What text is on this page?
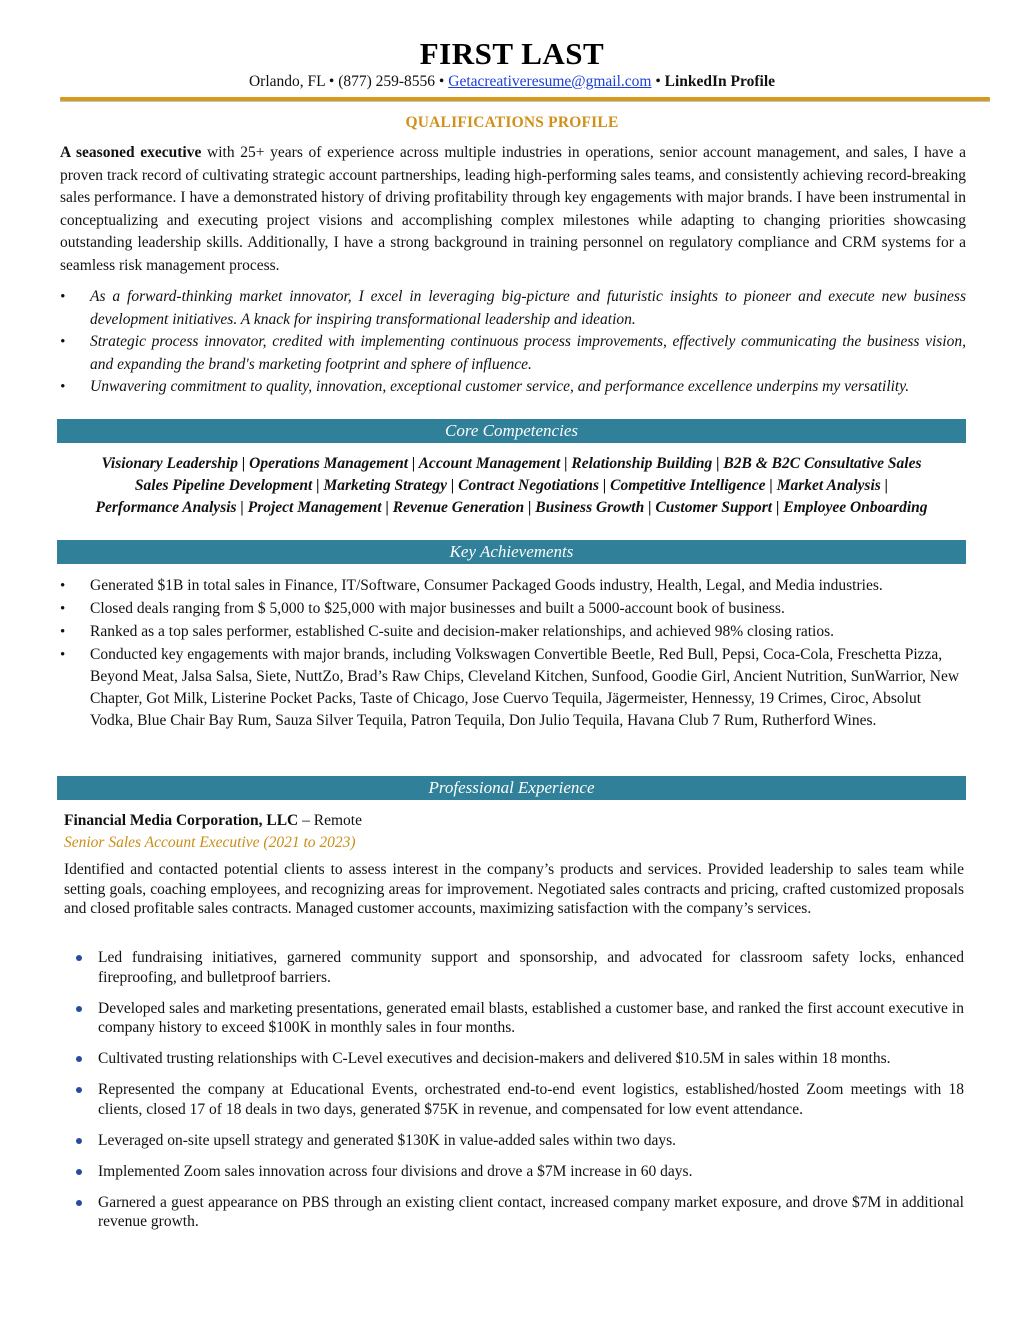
FIRST LAST
Orlando, FL • (877) 259-8556 • Getacreativeresume@gmail.com • LinkedIn Profile
QUALIFICATIONS PROFILE
A seasoned executive with 25+ years of experience across multiple industries in operations, senior account management, and sales, I have a proven track record of cultivating strategic account partnerships, leading high-performing sales teams, and consistently achieving record-breaking sales performance. I have a demonstrated history of driving profitability through key engagements with major brands. I have been instrumental in conceptualizing and executing project visions and accomplishing complex milestones while adapting to changing priorities showcasing outstanding leadership skills. Additionally, I have a strong background in training personnel on regulatory compliance and CRM systems for a seamless risk management process.
• As a forward-thinking market innovator, I excel in leveraging big-picture and futuristic insights to pioneer and execute new business development initiatives. A knack for inspiring transformational leadership and ideation.
• Strategic process innovator, credited with implementing continuous process improvements, effectively communicating the business vision, and expanding the brand's marketing footprint and sphere of influence.
• Unwavering commitment to quality, innovation, exceptional customer service, and performance excellence underpins my versatility.
Core Competencies
Visionary Leadership | Operations Management | Account Management | Relationship Building | B2B & B2C Consultative Sales
Sales Pipeline Development | Marketing Strategy | Contract Negotiations | Competitive Intelligence | Market Analysis |
Performance Analysis | Project Management | Revenue Generation | Business Growth | Customer Support | Employee Onboarding
Key Achievements
• Generated $1B in total sales in Finance, IT/Software, Consumer Packaged Goods industry, Health, Legal, and Media industries.
• Closed deals ranging from $ 5,000 to $25,000 with major businesses and built a 5000-account book of business.
• Ranked as a top sales performer, established C-suite and decision-maker relationships, and achieved 98% closing ratios.
• Conducted key engagements with major brands, including Volkswagen Convertible Beetle, Red Bull, Pepsi, Coca-Cola, Freschetta Pizza, Beyond Meat, Jalsa Salsa, Siete, NuttZo, Brad’s Raw Chips, Cleveland Kitchen, Sunfood, Goodie Girl, Ancient Nutrition, SunWarrior, New Chapter, Got Milk, Listerine Pocket Packs, Taste of Chicago, Jose Cuervo Tequila, Jägermeister, Hennessy, 19 Crimes, Ciroc, Absolut Vodka, Blue Chair Bay Rum, Sauza Silver Tequila, Patron Tequila, Don Julio Tequila, Havana Club 7 Rum, Rutherford Wines.
Professional Experience
Financial Media Corporation, LLC – Remote
Senior Sales Account Executive (2021 to 2023)
Identified and contacted potential clients to assess interest in the company’s products and services. Provided leadership to sales team while setting goals, coaching employees, and recognizing areas for improvement. Negotiated sales contracts and pricing, crafted customized proposals and closed profitable sales contracts. Managed customer accounts, maximizing satisfaction with the company’s services.
Led fundraising initiatives, garnered community support and sponsorship, and advocated for classroom safety locks, enhanced fireproofing, and bulletproof barriers.
Developed sales and marketing presentations, generated email blasts, established a customer base, and ranked the first account executive in company history to exceed $100K in monthly sales in four months.
Cultivated trusting relationships with C-Level executives and decision-makers and delivered $10.5M in sales within 18 months.
Represented the company at Educational Events, orchestrated end-to-end event logistics, established/hosted Zoom meetings with 18 clients, closed 17 of 18 deals in two days, generated $75K in revenue, and compensated for low event attendance.
Leveraged on-site upsell strategy and generated $130K in value-added sales within two days.
Implemented Zoom sales innovation across four divisions and drove a $7M increase in 60 days.
Garnered a guest appearance on PBS through an existing client contact, increased company market exposure, and drove $7M in additional revenue growth.
